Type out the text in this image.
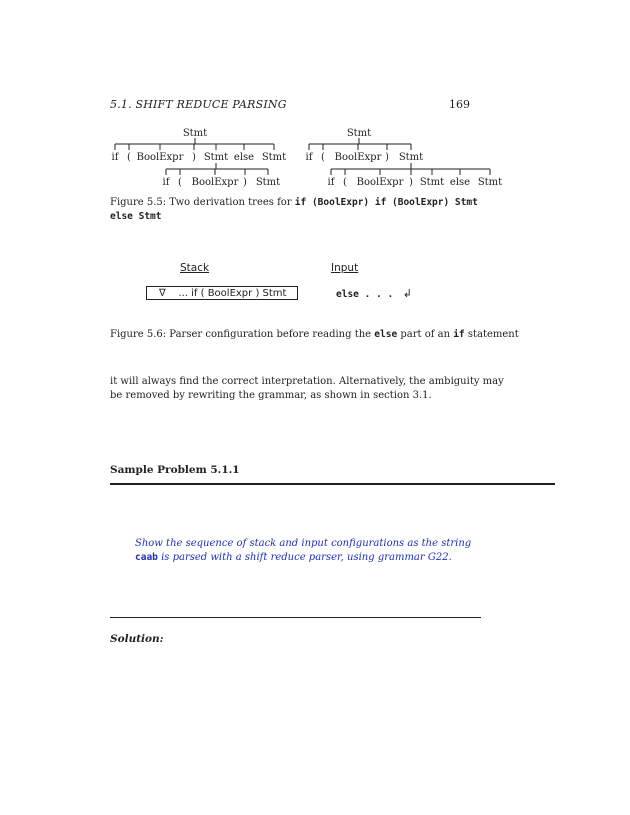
5.1. SHIFT REDUCE PARSING	169
Stmt
if ( BoolExpr ) Stmt else Stmt
if ( BoolExpr ) Stmt
Stmt
if ( BoolExpr ) Stmt
if ( BoolExpr ) Stmt else Stmt
Figure 5.5: Two derivation trees for if (BoolExpr) if (BoolExpr) Stmt
else Stmt
Stack	Input
∇ ... if ( BoolExpr ) Stmt	else . . . ↲
Figure 5.6: Parser configuration before reading the else part of an if statement
it will always find the correct interpretation. Alternatively, the ambiguity may
be removed by rewriting the grammar, as shown in section 3.1.
Sample Problem 5.1.1
Show the sequence of stack and input configurations as the string
caab is parsed with a shift reduce parser, using grammar G22.
Solution:
